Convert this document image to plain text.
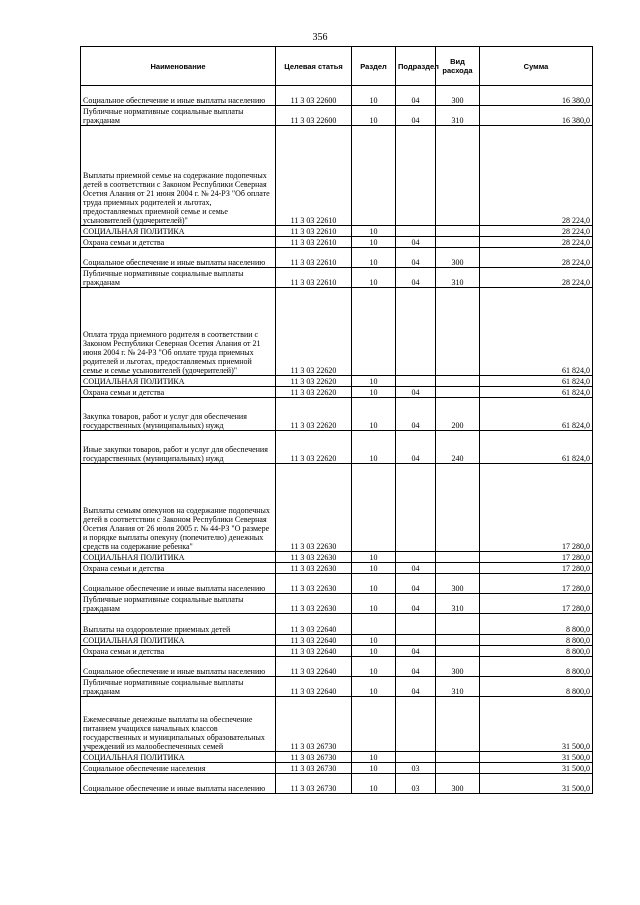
356
Наименование	Целевая статья	Раздел	Подраздел	Вид расхода	Сумма
Социальное обеспечение и иные выплаты населению	11 3 03 22600	10	04	300	16 380,0
Публичные нормативные социальные выплаты гражданам	11 3 03 22600	10	04	310	16 380,0
Выплаты приемной семье на содержание подопечных детей в соответствии с Законом Республики Северная Осетия Алания от 21 июня 2004 г. № 24-РЗ "Об оплате труда приемных родителей и льготах, предоставляемых приемной семье и семье усыновителей (удочерителей)"	11 3 03 22610				28 224,0
СОЦИАЛЬНАЯ ПОЛИТИКА	11 3 03 22610	10			28 224,0
Охрана семьи и детства	11 3 03 22610	10	04		28 224,0
Социальное обеспечение и иные выплаты населению	11 3 03 22610	10	04	300	28 224,0
Публичные нормативные социальные выплаты гражданам	11 3 03 22610	10	04	310	28 224,0
Оплата труда приемного родителя в соответствии с Законом Республики Северная Осетия Алания от 21 июня 2004 г. № 24-РЗ "Об оплате труда приемных родителей и льготах, предоставляемых приемной семье и семье усыновителей (удочерителей)"	11 3 03 22620				61 824,0
СОЦИАЛЬНАЯ ПОЛИТИКА	11 3 03 22620	10			61 824,0
Охрана семьи и детства	11 3 03 22620	10	04		61 824,0
Закупка товаров, работ и услуг для обеспечения государственных (муниципальных) нужд	11 3 03 22620	10	04	200	61 824,0
Иные закупки товаров, работ и услуг для обеспечения государственных (муниципальных) нужд	11 3 03 22620	10	04	240	61 824,0
Выплаты семьям опекунов на содержание подопечных детей в соответствии с Законом Республики Северная Осетия Алания от 26 июля 2005 г. № 44-РЗ "О размере и порядке выплаты опекуну (попечителю) денежных средств на содержание ребенка"	11 3 03 22630				17 280,0
СОЦИАЛЬНАЯ ПОЛИТИКА	11 3 03 22630	10			17 280,0
Охрана семьи и детства	11 3 03 22630	10	04		17 280,0
Социальное обеспечение и иные выплаты населению	11 3 03 22630	10	04	300	17 280,0
Публичные нормативные социальные выплаты гражданам	11 3 03 22630	10	04	310	17 280,0
Выплаты на оздоровление приемных детей	11 3 03 22640				8 800,0
СОЦИАЛЬНАЯ ПОЛИТИКА	11 3 03 22640	10			8 800,0
Охрана семьи и детства	11 3 03 22640	10	04		8 800,0
Социальное обеспечение и иные выплаты населению	11 3 03 22640	10	04	300	8 800,0
Публичные нормативные социальные выплаты гражданам	11 3 03 22640	10	04	310	8 800,0
Ежемесячные денежные выплаты на обеспечение питанием учащихся начальных классов государственных и муниципальных образовательных учреждений из малообеспеченных семей	11 3 03 26730				31 500,0
СОЦИАЛЬНАЯ ПОЛИТИКА	11 3 03 26730	10			31 500,0
Социальное обеспечение населения	11 3 03 26730	10	03		31 500,0
Социальное обеспечение и иные выплаты населению	11 3 03 26730	10	03	300	31 500,0
